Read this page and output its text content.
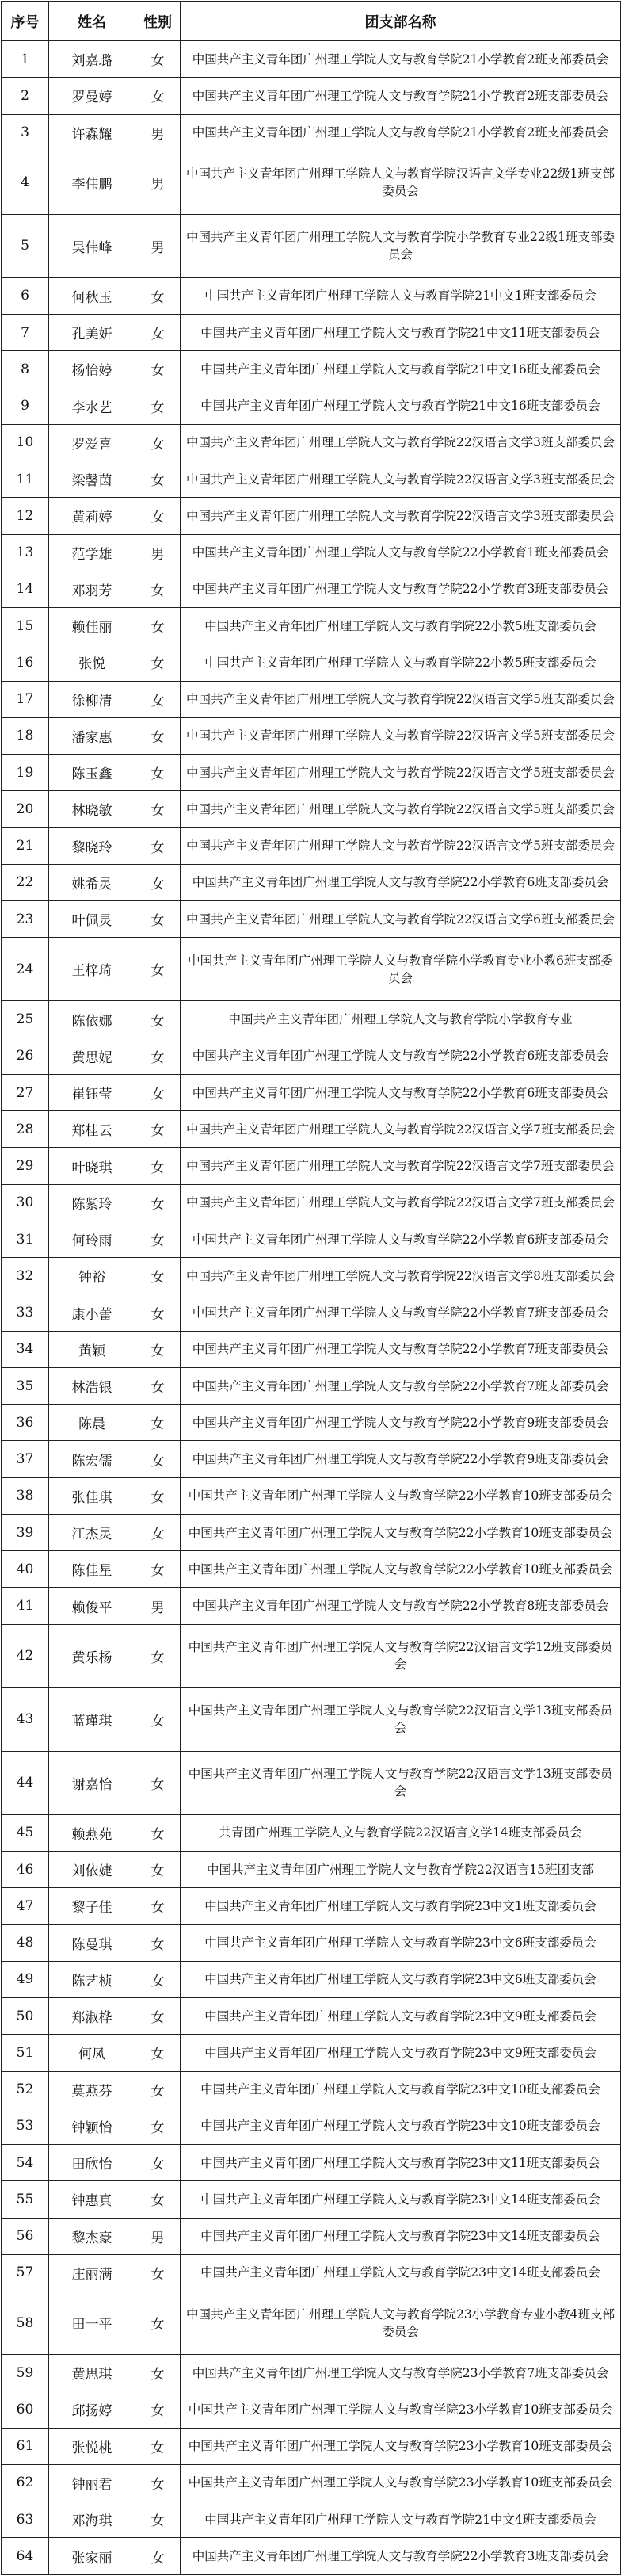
序号	姓名	性别	团支部名称
1	刘嘉璐	女	中国共产主义青年团广州理工学院人文与教育学院21小学教育2班支部委员会
2	罗曼婷	女	中国共产主义青年团广州理工学院人文与教育学院21小学教育2班支部委员会
3	许森耀	男	中国共产主义青年团广州理工学院人文与教育学院21小学教育2班支部委员会
4	李伟鹏	男	中国共产主义青年团广州理工学院人文与教育学院汉语言文学专业22级1班支部委员会
5	吴伟峰	男	中国共产主义青年团广州理工学院人文与教育学院小学教育专业22级1班支部委员会
6	何秋玉	女	中国共产主义青年团广州理工学院人文与教育学院21中文1班支部委员会
7	孔美妍	女	中国共产主义青年团广州理工学院人文与教育学院21中文11班支部委员会
8	杨怡婷	女	中国共产主义青年团广州理工学院人文与教育学院21中文16班支部委员会
9	李水艺	女	中国共产主义青年团广州理工学院人文与教育学院21中文16班支部委员会
10	罗爱喜	女	中国共产主义青年团广州理工学院人文与教育学院22汉语言文学3班支部委员会
11	梁馨茵	女	中国共产主义青年团广州理工学院人文与教育学院22汉语言文学3班支部委员会
12	黄莉婷	女	中国共产主义青年团广州理工学院人文与教育学院22汉语言文学3班支部委员会
13	范学雄	男	中国共产主义青年团广州理工学院人文与教育学院22小学教育1班支部委员会
14	邓羽芳	女	中国共产主义青年团广州理工学院人文与教育学院22小学教育3班支部委员会
15	赖佳丽	女	中国共产主义青年团广州理工学院人文与教育学院22小教5班支部委员会
16	张悦	女	中国共产主义青年团广州理工学院人文与教育学院22小教5班支部委员会
17	徐柳清	女	中国共产主义青年团广州理工学院人文与教育学院22汉语言文学5班支部委员会
18	潘家惠	女	中国共产主义青年团广州理工学院人文与教育学院22汉语言文学5班支部委员会
19	陈玉鑫	女	中国共产主义青年团广州理工学院人文与教育学院22汉语言文学5班支部委员会
20	林晓敏	女	中国共产主义青年团广州理工学院人文与教育学院22汉语言文学5班支部委员会
21	黎晓玲	女	中国共产主义青年团广州理工学院人文与教育学院22汉语言文学5班支部委员会
22	姚希灵	女	中国共产主义青年团广州理工学院人文与教育学院22小学教育6班支部委员会
23	叶佩灵	女	中国共产主义青年团广州理工学院人文与教育学院22汉语言文学6班支部委员会
24	王梓琦	女	中国共产主义青年团广州理工学院人文与教育学院小学教育专业小教6班支部委员会
25	陈依娜	女	中国共产主义青年团广州理工学院人文与教育学院小学教育专业
26	黄思妮	女	中国共产主义青年团广州理工学院人文与教育学院22小学教育6班支部委员会
27	崔钰莹	女	中国共产主义青年团广州理工学院人文与教育学院22小学教育6班支部委员会
28	郑桂云	女	中国共产主义青年团广州理工学院人文与教育学院22汉语言文学7班支部委员会
29	叶晓琪	女	中国共产主义青年团广州理工学院人文与教育学院22汉语言文学7班支部委员会
30	陈紫玲	女	中国共产主义青年团广州理工学院人文与教育学院22汉语言文学7班支部委员会
31	何玲雨	女	中国共产主义青年团广州理工学院人文与教育学院22小学教育6班支部委员会
32	钟裕	女	中国共产主义青年团广州理工学院人文与教育学院22汉语言文学8班支部委员会
33	康小蕾	女	中国共产主义青年团广州理工学院人文与教育学院22小学教育7班支部委员会
34	黄颖	女	中国共产主义青年团广州理工学院人文与教育学院22小学教育7班支部委员会
35	林浩银	女	中国共产主义青年团广州理工学院人文与教育学院22小学教育7班支部委员会
36	陈晨	女	中国共产主义青年团广州理工学院人文与教育学院22小学教育9班支部委员会
37	陈宏儒	女	中国共产主义青年团广州理工学院人文与教育学院22小学教育9班支部委员会
38	张佳琪	女	中国共产主义青年团广州理工学院人文与教育学院22小学教育10班支部委员会
39	江杰灵	女	中国共产主义青年团广州理工学院人文与教育学院22小学教育10班支部委员会
40	陈佳星	女	中国共产主义青年团广州理工学院人文与教育学院22小学教育10班支部委员会
41	赖俊平	男	中国共产主义青年团广州理工学院人文与教育学院22小学教育8班支部委员会
42	黄乐杨	女	中国共产主义青年团广州理工学院人文与教育学院22汉语言文学12班支部委员会
43	蓝瑾琪	女	中国共产主义青年团广州理工学院人文与教育学院22汉语言文学13班支部委员会
44	谢嘉怡	女	中国共产主义青年团广州理工学院人文与教育学院22汉语言文学13班支部委员会
45	赖燕苑	女	共青团广州理工学院人文与教育学院22汉语言文学14班支部委员会
46	刘依婕	女	中国共产主义青年团广州理工学院人文与教育学院22汉语言15班团支部
47	黎子佳	女	中国共产主义青年团广州理工学院人文与教育学院23中文1班支部委员会
48	陈曼琪	女	中国共产主义青年团广州理工学院人文与教育学院23中文6班支部委员会
49	陈艺桢	女	中国共产主义青年团广州理工学院人文与教育学院23中文6班支部委员会
50	郑淑桦	女	中国共产主义青年团广州理工学院人文与教育学院23中文9班支部委员会
51	何凤	女	中国共产主义青年团广州理工学院人文与教育学院23中文9班支部委员会
52	莫燕芬	女	中国共产主义青年团广州理工学院人文与教育学院23中文10班支部委员会
53	钟颖怡	女	中国共产主义青年团广州理工学院人文与教育学院23中文10班支部委员会
54	田欣怡	女	中国共产主义青年团广州理工学院人文与教育学院23中文11班支部委员会
55	钟惠真	女	中国共产主义青年团广州理工学院人文与教育学院23中文14班支部委员会
56	黎杰豪	男	中国共产主义青年团广州理工学院人文与教育学院23中文14班支部委员会
57	庄丽满	女	中国共产主义青年团广州理工学院人文与教育学院23中文14班支部委员会
58	田一平	女	中国共产主义青年团广州理工学院人文与教育学院23小学教育专业小教4班支部委员会
59	黄思琪	女	中国共产主义青年团广州理工学院人文与教育学院23小学教育7班支部委员会
60	邱扬婷	女	中国共产主义青年团广州理工学院人文与教育学院23小学教育10班支部委员会
61	张悦桃	女	中国共产主义青年团广州理工学院人文与教育学院23小学教育10班支部委员会
62	钟丽君	女	中国共产主义青年团广州理工学院人文与教育学院23小学教育10班支部委员会
63	邓海琪	女	中国共产主义青年团广州理工学院人文与教育学院21中文4班支部委员会
64	张家丽	女	中国共产主义青年团广州理工学院人文与教育学院22小学教育3班支部委员会
